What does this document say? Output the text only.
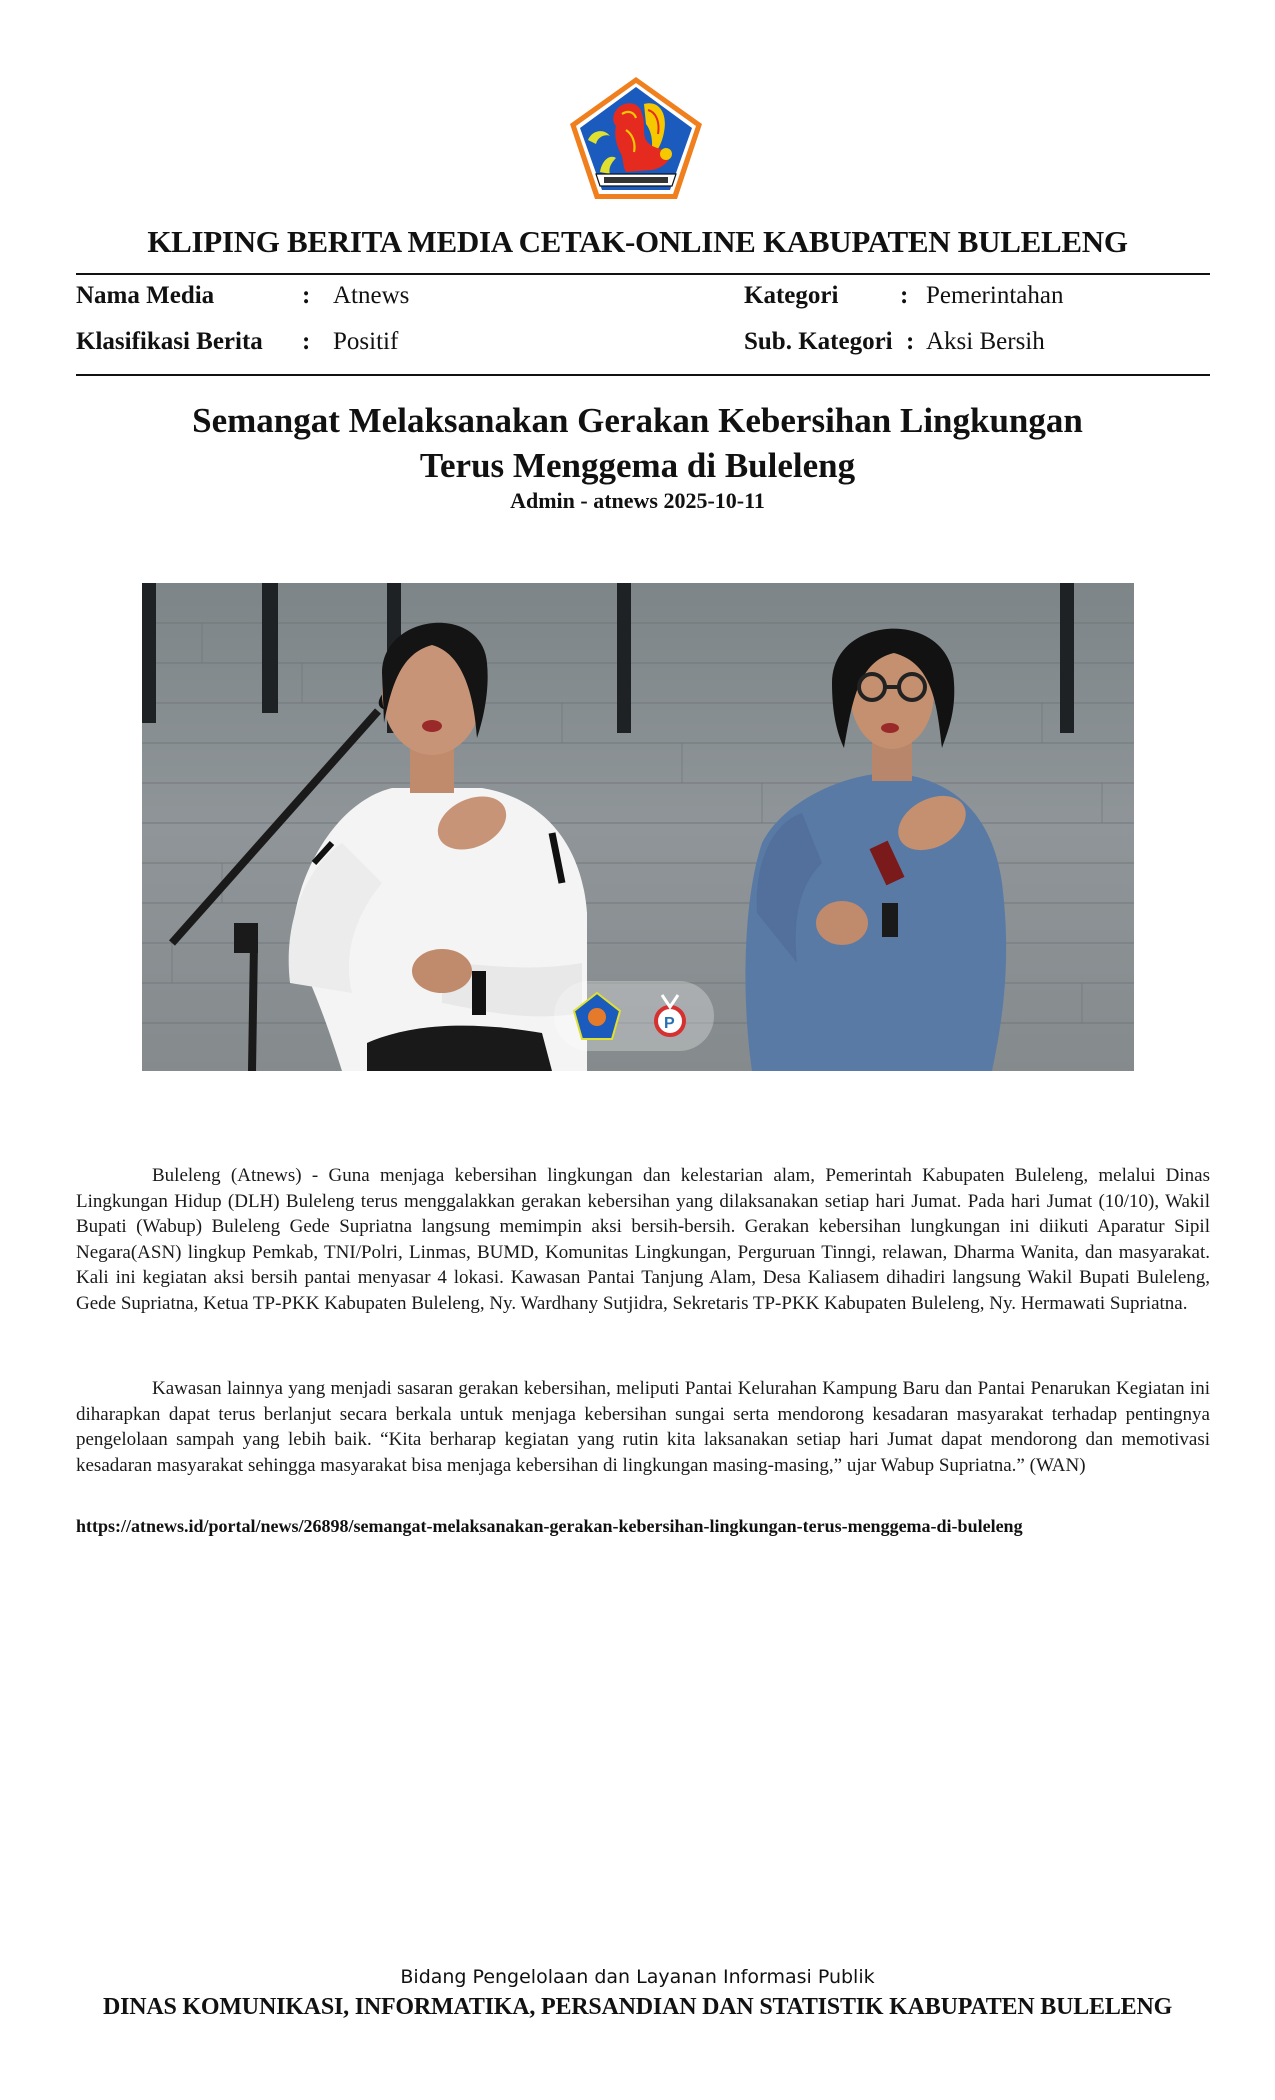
KLIPING BERITA MEDIA CETAK-ONLINE KABUPATEN BULELENG
Nama Media	: Atnews
Klasifikasi Berita : Positif
Kategori : Pemerintahan
Sub. Kategori : Aksi Bersih
Semangat Melaksanakan Gerakan Kebersihan Lingkungan
Terus Menggema di Buleleng
Admin - atnews 2025-10-11
P
Buleleng (Atnews) - Guna menjaga kebersihan lingkungan dan kelestarian alam, Pemerintah Kabupaten Buleleng, melalui Dinas Lingkungan Hidup (DLH) Buleleng terus menggalakkan gerakan kebersihan yang dilaksanakan setiap hari Jumat. Pada hari Jumat (10/10), Wakil Bupati (Wabup) Buleleng Gede Supriatna langsung memimpin aksi bersih-bersih. Gerakan kebersihan lungkungan ini diikuti Aparatur Sipil Negara(ASN) lingkup Pemkab, TNI/Polri, Linmas, BUMD, Komunitas Lingkungan, Perguruan Tinngi, relawan, Dharma Wanita, dan masyarakat. Kali ini kegiatan aksi bersih pantai menyasar 4 lokasi. Kawasan Pantai Tanjung Alam, Desa Kaliasem dihadiri langsung Wakil Bupati Buleleng, Gede Supriatna, Ketua TP-PKK Kabupaten Buleleng, Ny. Wardhany Sutjidra, Sekretaris TP-PKK Kabupaten Buleleng, Ny. Hermawati Supriatna.
Kawasan lainnya yang menjadi sasaran gerakan kebersihan, meliputi Pantai Kelurahan Kampung Baru dan Pantai Penarukan Kegiatan ini diharapkan dapat terus berlanjut secara berkala untuk menjaga kebersihan sungai serta mendorong kesadaran masyarakat terhadap pentingnya pengelolaan sampah yang lebih baik. “Kita berharap kegiatan yang rutin kita laksanakan setiap hari Jumat dapat mendorong dan memotivasi kesadaran masyarakat sehingga masyarakat bisa menjaga kebersihan di lingkungan masing-masing,” ujar Wabup Supriatna.” (WAN)
https://atnews.id/portal/news/26898/semangat-melaksanakan-gerakan-kebersihan-lingkungan-terus-menggema-di-buleleng
Bidang Pengelolaan dan Layanan Informasi Publik
DINAS KOMUNIKASI, INFORMATIKA, PERSANDIAN DAN STATISTIK KABUPATEN BULELENG
